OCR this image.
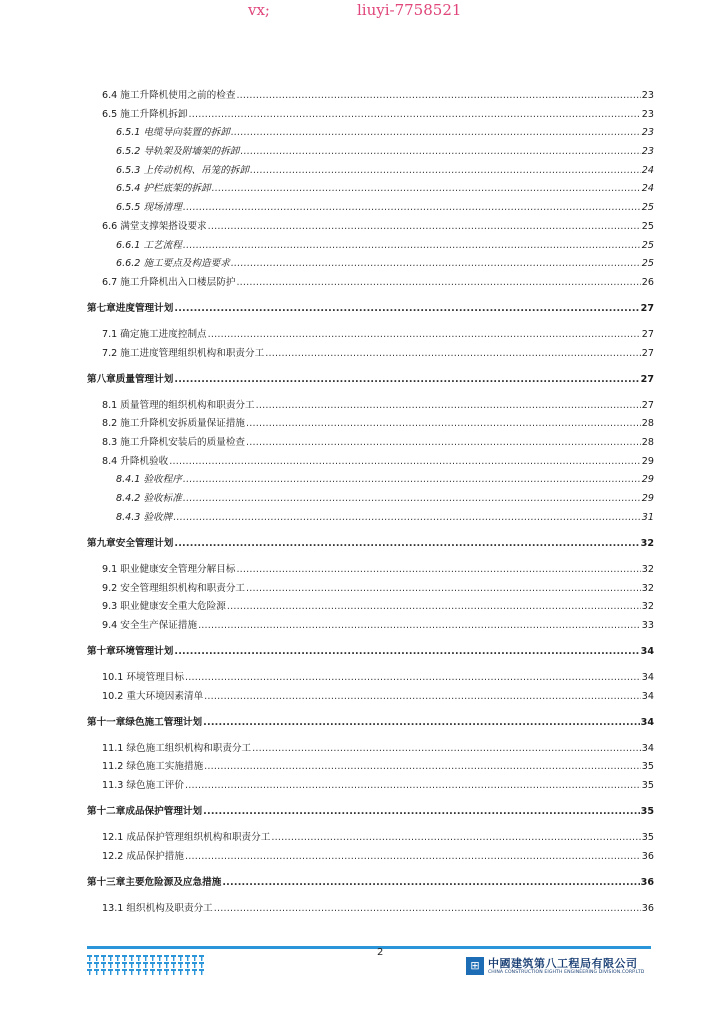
vx;	liuyi-7758521
6.4 施工升降机使用之前的检查 .....	23
6.5 施工升降机拆卸 .....	23
6.5.1 电缆导向装置的拆卸 .....	23
6.5.2 导轨架及附墙架的拆卸 .....	23
6.5.3 上传动机构、吊笼的拆卸 .....	24
6.5.4 护栏底架的拆卸 .....	24
6.5.5 现场清理 .....	25
6.6 满堂支撑架搭设要求 .....	25
6.6.1 工艺流程 .....	25
6.6.2 施工要点及构造要求 .....	25
6.7 施工升降机出入口楼层防护 .....	26
第七章进度管理计划 .....	27
7.1 确定施工进度控制点 .....	27
7.2 施工进度管理组织机构和职责分工 .....	27
第八章质量管理计划 .....	27
8.1 质量管理的组织机构和职责分工 .....	27
8.2 施工升降机安拆质量保证措施 .....	28
8.3 施工升降机安装后的质量检查 .....	28
8.4 升降机验收 .....	29
8.4.1 验收程序 .....	29
8.4.2 验收标准 .....	29
8.4.3 验收牌 .....	31
第九章安全管理计划 .....	32
9.1 职业健康安全管理分解目标 .....	32
9.2 安全管理组织机构和职责分工 .....	32
9.3 职业健康安全重大危险源 .....	32
9.4 安全生产保证措施 .....	33
第十章环境管理计划 .....	34
10.1 环境管理目标 .....	34
10.2 重大环境因素清单 .....	34
第十一章绿色施工管理计划 .....	34
11.1 绿色施工组织机构和职责分工 .....	34
11.2 绿色施工实施措施 .....	35
11.3 绿色施工评价 .....	35
第十二章成品保护管理计划 .....	35
12.1 成品保护管理组织机构和职责分工 .....	35
12.2 成品保护措施 .....	36
第十三章主要危险源及应急措施 .....	36
13.1 组织机构及职责分工 .....	36
2
⊞ 中國建筑第八工程局有限公司
CHINA CONSTRUCTION EIGHTH ENGINEERING DIVISION.CORP.LTD
